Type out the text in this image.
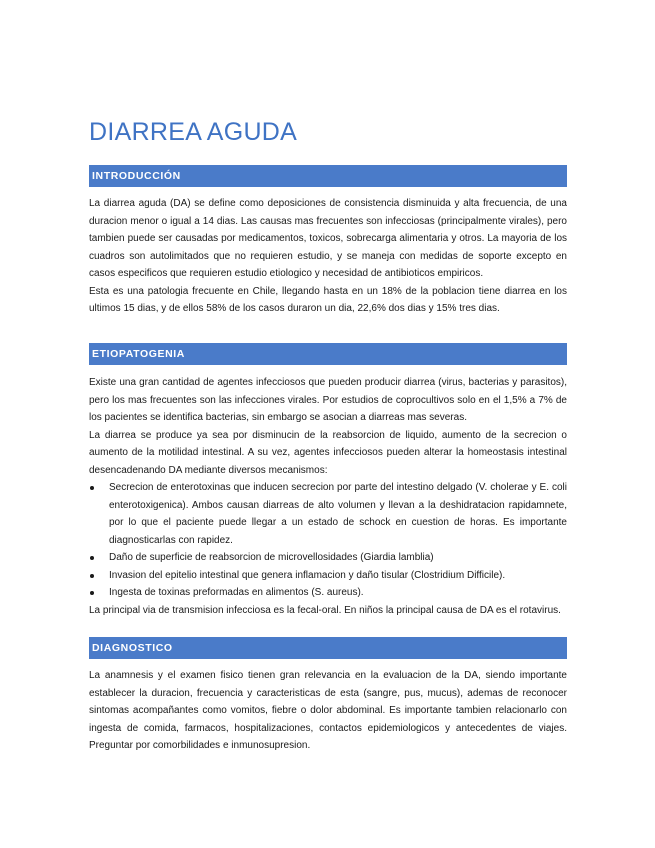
DIARREA AGUDA
INTRODUCCIÓN

La diarrea aguda (DA) se define como deposiciones de consistencia disminuida y alta frecuencia, de una duracion menor o igual a 14 dias. Las causas mas frecuentes son infecciosas (principalmente virales), pero tambien puede ser causadas por medicamentos, toxicos, sobrecarga alimentaria y otros. La mayoria de los cuadros son autolimitados que no requieren estudio, y se maneja con medidas de soporte excepto en casos especificos que requieren estudio etiologico y necesidad de antibioticos empiricos.

Esta es una patologia frecuente en Chile, llegando hasta en un 18% de la poblacion tiene diarrea en los ultimos 15 dias, y de ellos 58% de los casos duraron un dia, 22,6% dos dias y 15% tres dias.

ETIOPATOGENIA

Existe una gran cantidad de agentes infecciosos que pueden producir diarrea (virus, bacterias y parasitos), pero los mas frecuentes son las infecciones virales. Por estudios de coprocultivos solo en el 1,5% a 7% de los pacientes se identifica bacterias, sin embargo se asocian a diarreas mas severas.

La diarrea se produce ya sea por disminucin de la reabsorcion de liquido, aumento de la secrecion o aumento de la motilidad intestinal. A su vez, agentes infecciosos pueden alterar la homeostasis intestinal desencadenando DA mediante diversos mecanismos:

Secrecion de enterotoxinas que inducen secrecion por parte del intestino delgado (V. cholerae y E. coli enterotoxigenica). Ambos causan diarreas de alto volumen y llevan a la deshidratacion rapidamnete, por lo que el paciente puede llegar a un estado de schock en cuestion de horas. Es importante diagnosticarlas con rapidez.
Daño de superficie de reabsorcion de microvellosidades (Giardia lamblia)
Invasion del epitelio intestinal que genera inflamacion y daño tisular (Clostridium Difficile).
Ingesta de toxinas preformadas en alimentos (S. aureus).

La principal via de transmision infecciosa es la fecal-oral. En niños la principal causa de DA es el rotavirus.

DIAGNOSTICO

La anamnesis y el examen fisico tienen gran relevancia en la evaluacion de la DA, siendo importante establecer la duracion, frecuencia y caracteristicas de esta (sangre, pus, mucus), ademas de reconocer sintomas acompañantes como vomitos, fiebre o dolor abdominal. Es importante tambien relacionarlo con ingesta de comida, farmacos, hospitalizaciones, contactos epidemiologicos y antecedentes de viajes. Preguntar por comorbilidades e inmunosupresion.
